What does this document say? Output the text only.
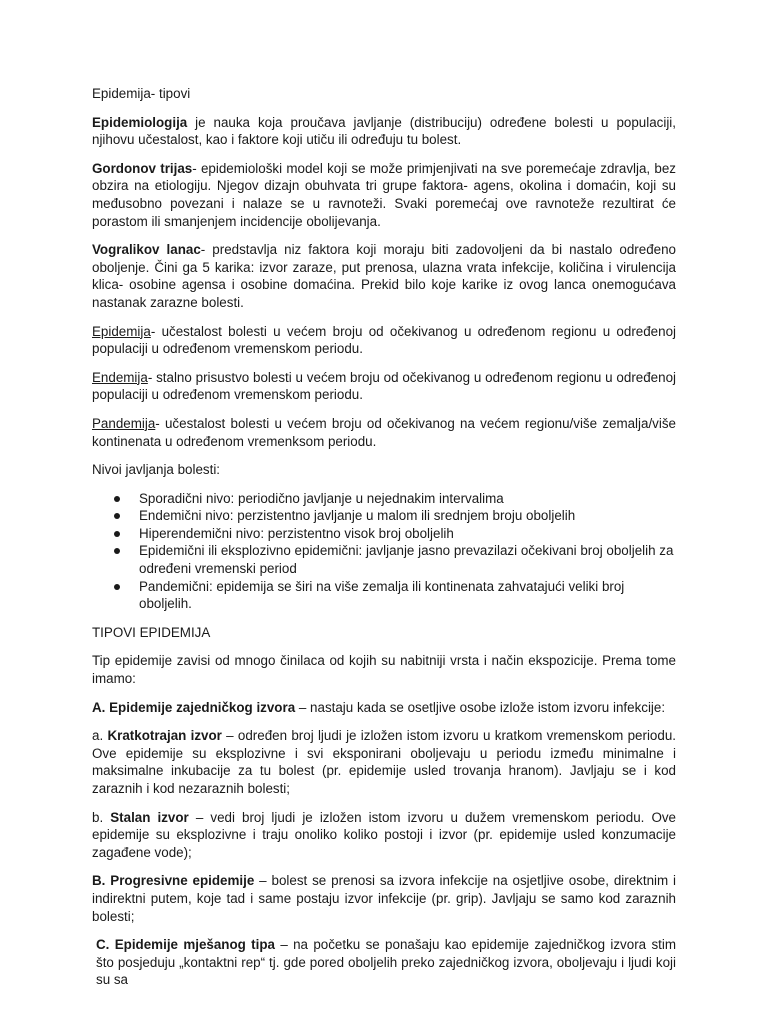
Epidemija- tipovi

Epidemiologija je nauka koja proučava javljanje (distribuciju) određene bolesti u populaciji, njihovu učestalost, kao i faktore koji utiču ili određuju tu bolest.

Gordonov trijas- epidemiološki model koji se može primjenjivati na sve poremećaje zdravlja, bez obzira na etiologiju. Njegov dizajn obuhvata tri grupe faktora- agens, okolina i domaćin, koji su međusobno povezani i nalaze se u ravnoteži. Svaki poremećaj ove ravnoteže rezultirat će porastom ili smanjenjem incidencije obolijevanja.

Vogralikov lanac- predstavlja niz faktora koji moraju biti zadovoljeni da bi nastalo određeno oboljenje. Čini ga 5 karika: izvor zaraze, put prenosa, ulazna vrata infekcije, količina i virulencija klica- osobine agensa i osobine domaćina. Prekid bilo koje karike iz ovog lanca onemogućava nastanak zarazne bolesti.

Epidemija- učestalost bolesti u većem broju od očekivanog u određenom regionu u određenoj populaciji u određenom vremenskom periodu.

Endemija- stalno prisustvo bolesti u većem broju od očekivanog u određenom regionu u određenoj populaciji u određenom vremenskom periodu.

Pandemija- učestalost bolesti u većem broju od očekivanog na većem regionu/više zemalja/više kontinenata u određenom vremenksom periodu.

Nivoi javljanja bolesti:

Sporadični nivo: periodično javljanje u nejednakim intervalima
Endemični nivo: perzistentno javljanje u malom ili srednjem broju oboljelih
Hiperendemični nivo: perzistentno visok broj oboljelih
Epidemični ili eksplozivno epidemični: javljanje jasno prevazilazi očekivani broj oboljelih za određeni vremenski period
Pandemični: epidemija se širi na više zemalja ili kontinenata zahvatajući veliki broj oboljelih.

TIPOVI EPIDEMIJA

Tip epidemije zavisi od mnogo činilaca od kojih su nabitniji vrsta i način ekspozicije. Prema tome imamo:

A. Epidemije zajedničkog izvora – nastaju kada se osetljive osobe izlože istom izvoru infekcije:

a. Kratkotrajan izvor – određen broj ljudi je izložen istom izvoru u kratkom vremenskom periodu. Ove epidemije su eksplozivne i svi eksponirani obolјevaju u periodu između minimalne i maksimalne inkubacije za tu bolest (pr. epidemije usled trovanja hranom). Javljaju se i kod zaraznih i kod nezaraznih bolesti;

b. Stalan izvor – vedi broj ljudi je izložen istom izvoru u dužem vremenskom periodu. Ove epidemije su eksplozivne i traju onoliko koliko postoji i izvor (pr. epidemije usled konzumacije zagađene vode);

B. Progresivne epidemije – bolest se prenosi sa izvora infekcije na osjetljive osobe, direktnim i indirektni putem, koje tad i same postaju izvor infekcije (pr. grip). Javljaju se samo kod zaraznih bolesti;

C. Epidemije mješanog tipa – na početku se ponašaju kao epidemije zajedničkog izvora stim što posjeduju „kontaktni rep“ tj. gde pored oboljelih preko zajedničkog izvora, obolјevaju i ljudi koji su sa
